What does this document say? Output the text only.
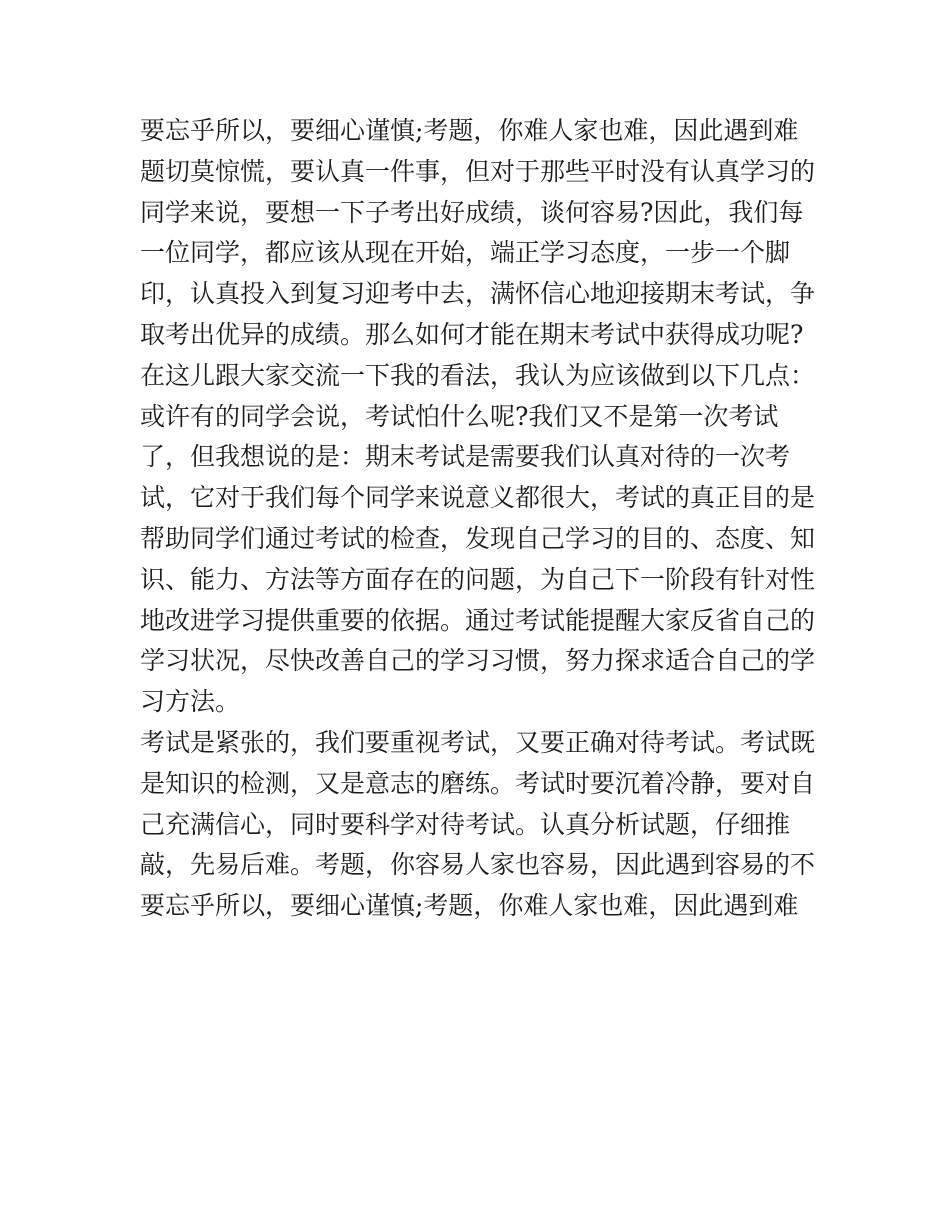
要忘乎所以，要细心谨慎;考题，你难人家也难，因此遇到难
题切莫惊慌，要认真一件事，但对于那些平时没有认真学习的
同学来说，要想一下子考出好成绩，谈何容易?因此，我们每
一位同学，都应该从现在开始，端正学习态度，一步一个脚
印，认真投入到复习迎考中去，满怀信心地迎接期末考试，争
取考出优异的成绩。那么如何才能在期末考试中获得成功呢?
在这儿跟大家交流一下我的看法，我认为应该做到以下几点：
或许有的同学会说，考试怕什么呢?我们又不是第一次考试
了，但我想说的是：期末考试是需要我们认真对待的一次考
试，它对于我们每个同学来说意义都很大，考试的真正目的是
帮助同学们通过考试的检查，发现自己学习的目的、态度、知
识、能力、方法等方面存在的问题，为自己下一阶段有针对性
地改进学习提供重要的依据。通过考试能提醒大家反省自己的
学习状况，尽快改善自己的学习习惯，努力探求适合自己的学
习方法。
考试是紧张的，我们要重视考试，又要正确对待考试。考试既
是知识的检测，又是意志的磨练。考试时要沉着冷静，要对自
己充满信心，同时要科学对待考试。认真分析试题，仔细推
敲，先易后难。考题，你容易人家也容易，因此遇到容易的不
要忘乎所以，要细心谨慎;考题，你难人家也难，因此遇到难
